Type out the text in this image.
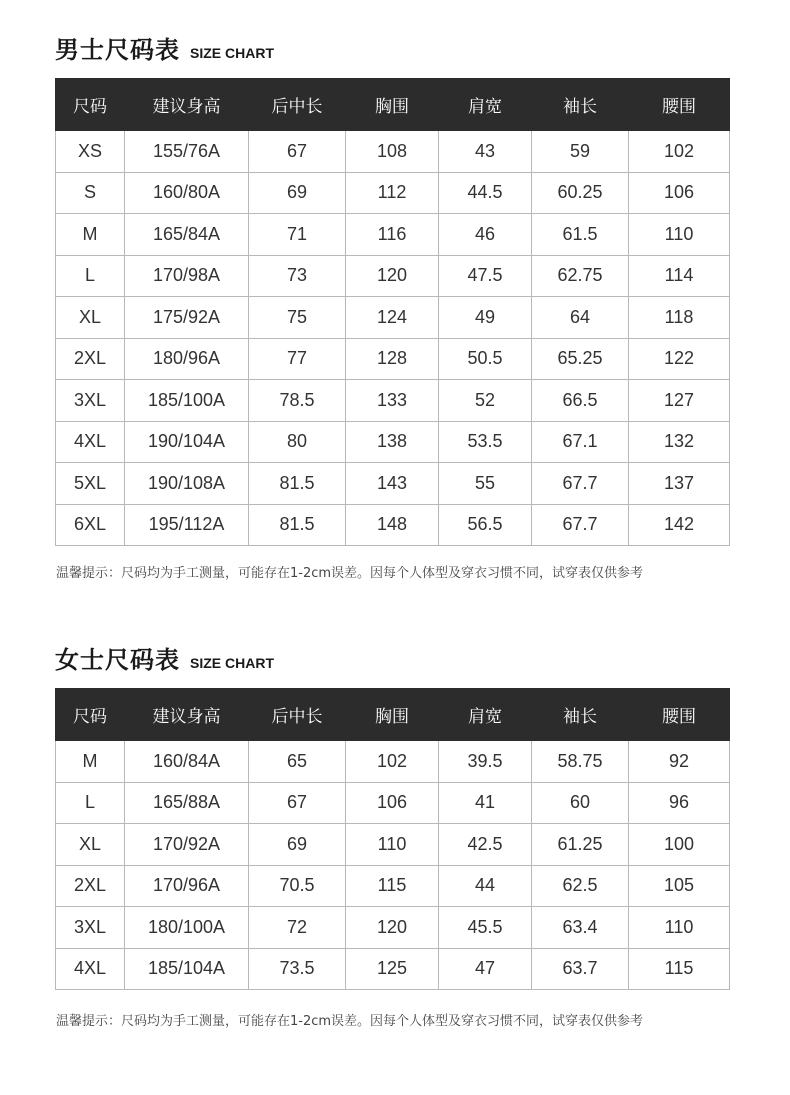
男士尺码表 SIZE CHART
尺码	建议身高	后中长	胸围	肩宽	袖长	腰围
XS	155/76A	67	108	43	59	102
S	160/80A	69	112	44.5	60.25	106
M	165/84A	71	116	46	61.5	110
L	170/98A	73	120	47.5	62.75	114
XL	175/92A	75	124	49	64	118
2XL	180/96A	77	128	50.5	65.25	122
3XL	185/100A	78.5	133	52	66.5	127
4XL	190/104A	80	138	53.5	67.1	132
5XL	190/108A	81.5	143	55	67.7	137
6XL	195/112A	81.5	148	56.5	67.7	142
温馨提示：尺码均为手工测量，可能存在1-2cm误差。因每个人体型及穿衣习惯不同，试穿表仅供参考
女士尺码表 SIZE CHART
尺码	建议身高	后中长	胸围	肩宽	袖长	腰围
M	160/84A	65	102	39.5	58.75	92
L	165/88A	67	106	41	60	96
XL	170/92A	69	110	42.5	61.25	100
2XL	170/96A	70.5	115	44	62.5	105
3XL	180/100A	72	120	45.5	63.4	110
4XL	185/104A	73.5	125	47	63.7	115
温馨提示：尺码均为手工测量，可能存在1-2cm误差。因每个人体型及穿衣习惯不同，试穿表仅供参考
